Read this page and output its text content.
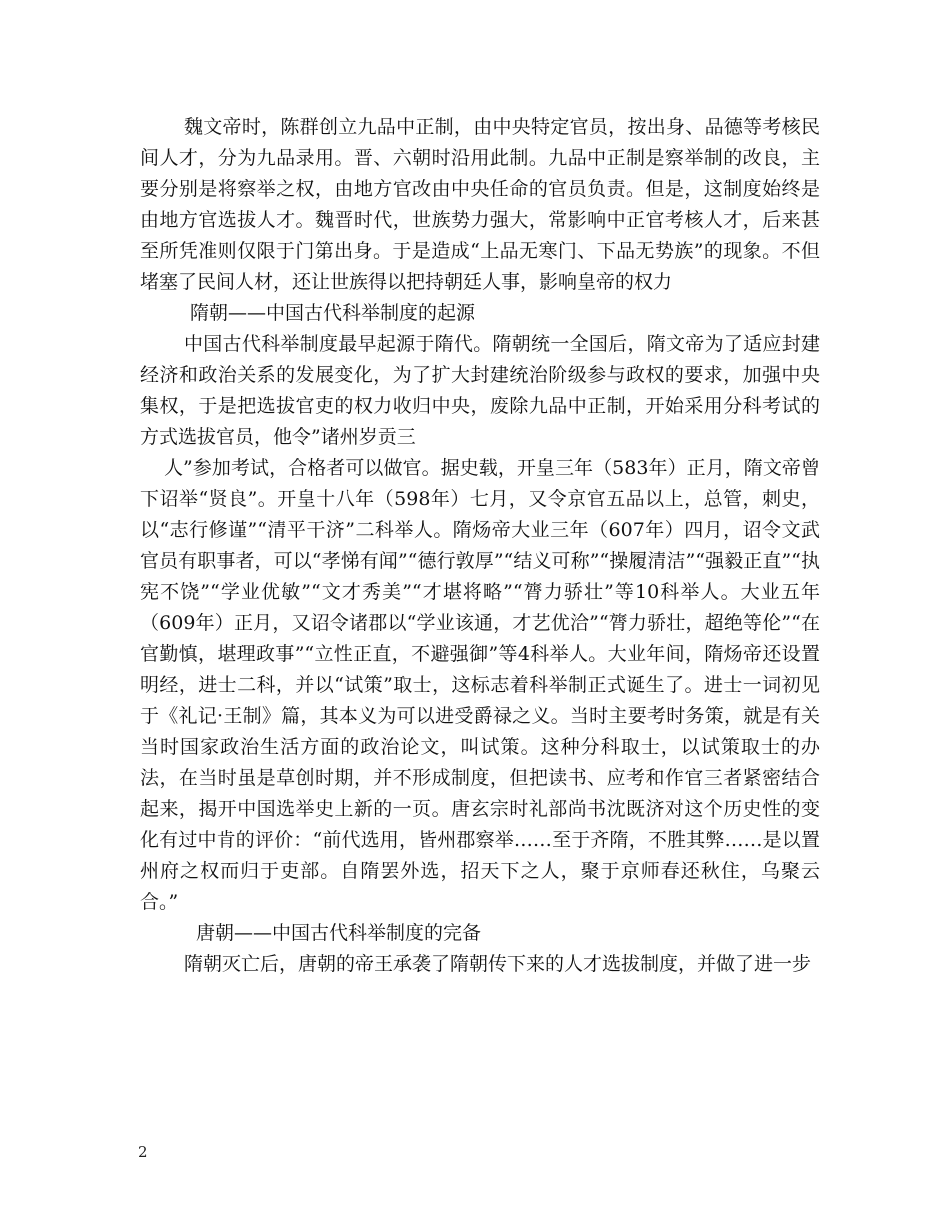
魏文帝时，陈群创立九品中正制，由中央特定官员，按出身、品德等考核民间人才，分为九品录用。晋、六朝时沿用此制。九品中正制是察举制的改良，主要分别是将察举之权，由地方官改由中央任命的官员负责。但是，这制度始终是由地方官选拔人才。魏晋时代，世族势力强大，常影响中正官考核人才，后来甚至所凭准则仅限于门第出身。于是造成“上品无寒门、下品无势族”的现象。不但堵塞了民间人材，还让世族得以把持朝廷人事，影响皇帝的权力

隋朝——中国古代科举制度的起源

中国古代科举制度最早起源于隋代。隋朝统一全国后，隋文帝为了适应封建经济和政治关系的发展变化，为了扩大封建统治阶级参与政权的要求，加强中央集权，于是把选拔官吏的权力收归中央，废除九品中正制，开始采用分科考试的方式选拔官员，他令”诸州岁贡三

人”参加考试，合格者可以做官。据史载，开皇三年（583年）正月，隋文帝曾下诏举“贤良”。开皇十八年（598年）七月，又令京官五品以上，总管，刺史，以“志行修谨”“清平干济”二科举人。隋炀帝大业三年（607年）四月，诏令文武官员有职事者，可以“孝悌有闻”“德行敦厚”“结义可称”“操履清洁”“强毅正直”“执宪不饶”“学业优敏”“文才秀美”“才堪将略”“膂力骄壮”等10科举人。大业五年（609年）正月，又诏令诸郡以“学业该通，才艺优洽”“膂力骄壮，超绝等伦”“在官勤慎，堪理政事”“立性正直，不避强御”等4科举人。大业年间，隋炀帝还设置明经，进士二科，并以“试策”取士，这标志着科举制正式诞生了。进士一词初见于《礼记·王制》篇，其本义为可以进受爵禄之义。当时主要考时务策，就是有关当时国家政治生活方面的政治论文，叫试策。这种分科取士，以试策取士的办法，在当时虽是草创时期，并不形成制度，但把读书、应考和作官三者紧密结合起来，揭开中国选举史上新的一页。唐玄宗时礼部尚书沈既济对这个历史性的变化有过中肯的评价：“前代选用，皆州郡察举……至于齐隋，不胜其弊……是以置州府之权而归于吏部。自隋罢外选，招天下之人，聚于京师春还秋住，乌聚云合。”

唐朝——中国古代科举制度的完备

隋朝灭亡后，唐朝的帝王承袭了隋朝传下来的人才选拔制度，并做了进一步

2
